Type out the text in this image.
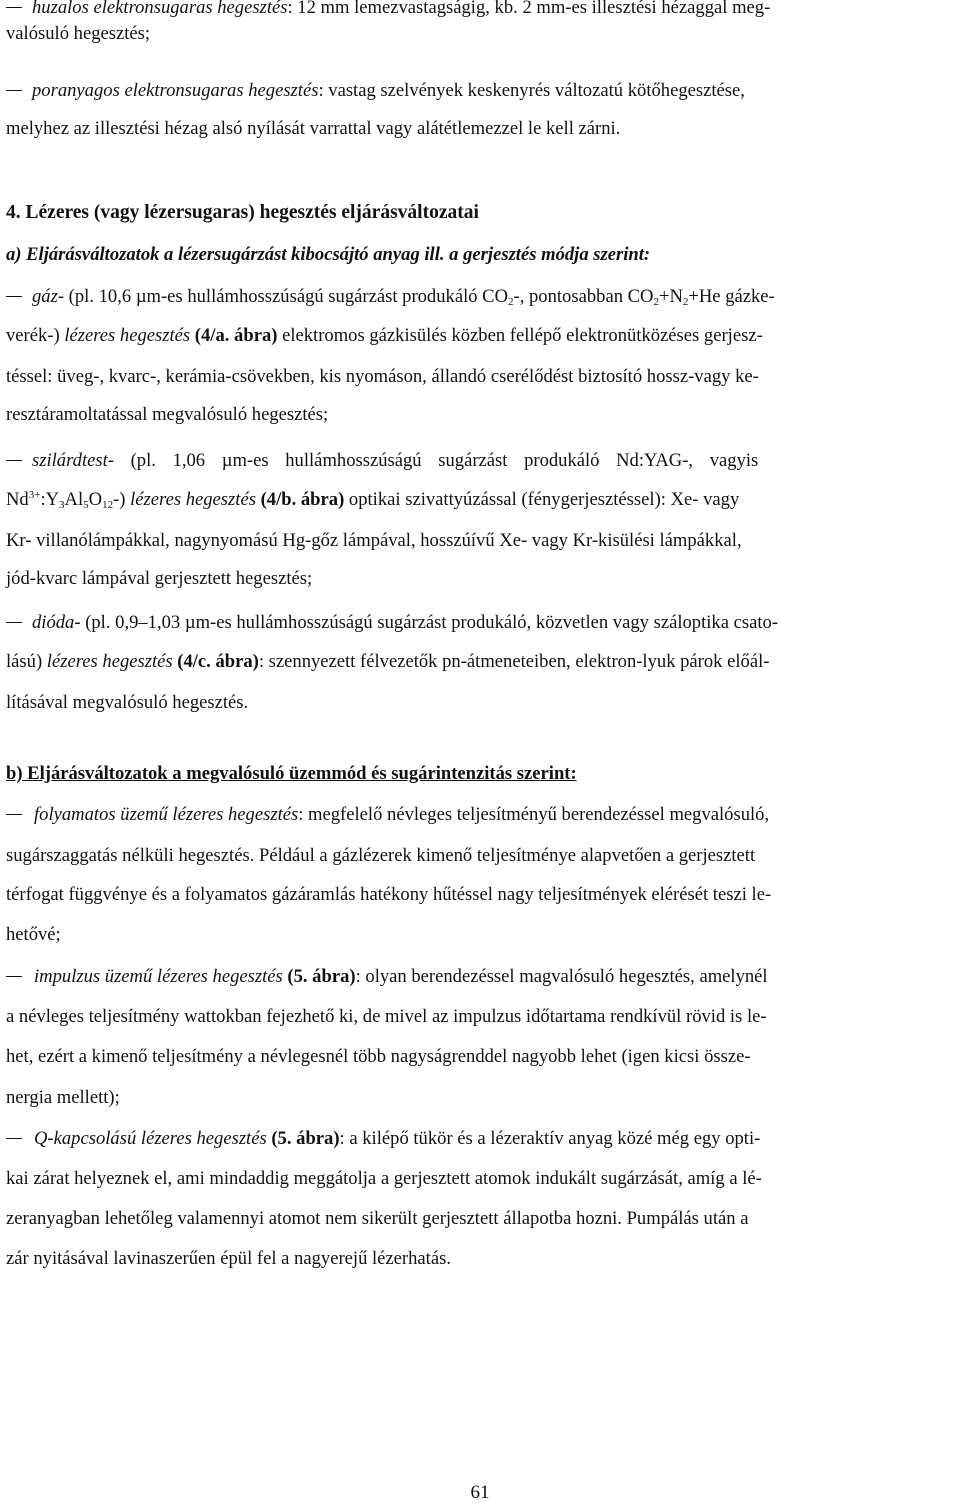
huzalos elektronsugaras hegesztés: 12 mm lemezvastagságig, kb. 2 mm-es illesztési hézaggal meg-
valósuló hegesztés;
poranyagos elektronsugaras hegesztés: vastag szelvények keskenyrés változatú kötőhegesztése,
melyhez az illesztési hézag alsó nyílását varrattal vagy alátétlemezzel le kell zárni.
4. Lézeres (vagy lézersugaras) hegesztés eljárásváltozatai
a) Eljárásváltozatok a lézersugárzást kibocsájtó anyag ill. a gerjesztés módja szerint:
gáz- (pl. 10,6 µm-es hullámhosszúságú sugárzást produkáló $CO_2-$, pontosabban $CO_2+N_2+He$ gázke-
verék-) lézeres hegesztés (4/a. ábra) elektromos gázkisülés közben fellépő elektronütközéses gerjesz-
téssel: üveg-, kvarc-, kerámia-csövekben, kis nyomáson, állandó cserélődést biztosító hossz-vagy ke-
resztáramoltatással megvalósuló hegesztés;
szilárdtest- (pl. 1,06 µm-es hullámhosszúságú sugárzást produkáló Nd:YAG-, vagyis
$Nd^{3+}:Y_3Al_5O_{12}-$) lézeres hegesztés (4/b. ábra) optikai szivattyúzással (fénygerjesztéssel): Xe- vagy
Kr- villanólámpákkal, nagynyomású Hg-gőz lámpával, hosszúívű Xe- vagy Kr-kisülési lámpákkal,
jód-kvarc lámpával gerjesztett hegesztés;
dióda- (pl. 0,9–1,03 µm-es hullámhosszúságú sugárzást produkáló, közvetlen vagy száloptika csato-
lású) lézeres hegesztés (4/c. ábra): szennyezett félvezetők pn-átmeneteiben, elektron-lyuk párok előál-
lításával megvalósuló hegesztés.
b) Eljárásváltozatok a megvalósuló üzemmód és sugárintenzitás szerint:
folyamatos üzemű lézeres hegesztés: megfelelő névleges teljesítményű berendezéssel megvalósuló,
sugárszaggatás nélküli hegesztés. Például a gázlézerek kimenő teljesítménye alapvetően a gerjesztett
térfogat függvénye és a folyamatos gázáramlás hatékony hűtéssel nagy teljesítmények elérését teszi le-
hetővé;
impulzus üzemű lézeres hegesztés (5. ábra): olyan berendezéssel magvalósuló hegesztés, amelynél
a névleges teljesítmény wattokban fejezhető ki, de mivel az impulzus időtartama rendkívül rövid is le-
het, ezért a kimenő teljesítmény a névlegesnél több nagyságrenddel nagyobb lehet (igen kicsi össze-
nergia mellett);
Q-kapcsolású lézeres hegesztés (5. ábra): a kilépő tükör és a lézeraktív anyag közé még egy opti-
kai zárat helyeznek el, ami mindaddig meggátolja a gerjesztett atomok indukált sugárzását, amíg a lé-
zeranyagban lehetőleg valamennyi atomot nem sikerült gerjesztett állapotba hozni. Pumpálás után a
zár nyitásával lavinaszerűen épül fel a nagyerejű lézerhatás.
61
